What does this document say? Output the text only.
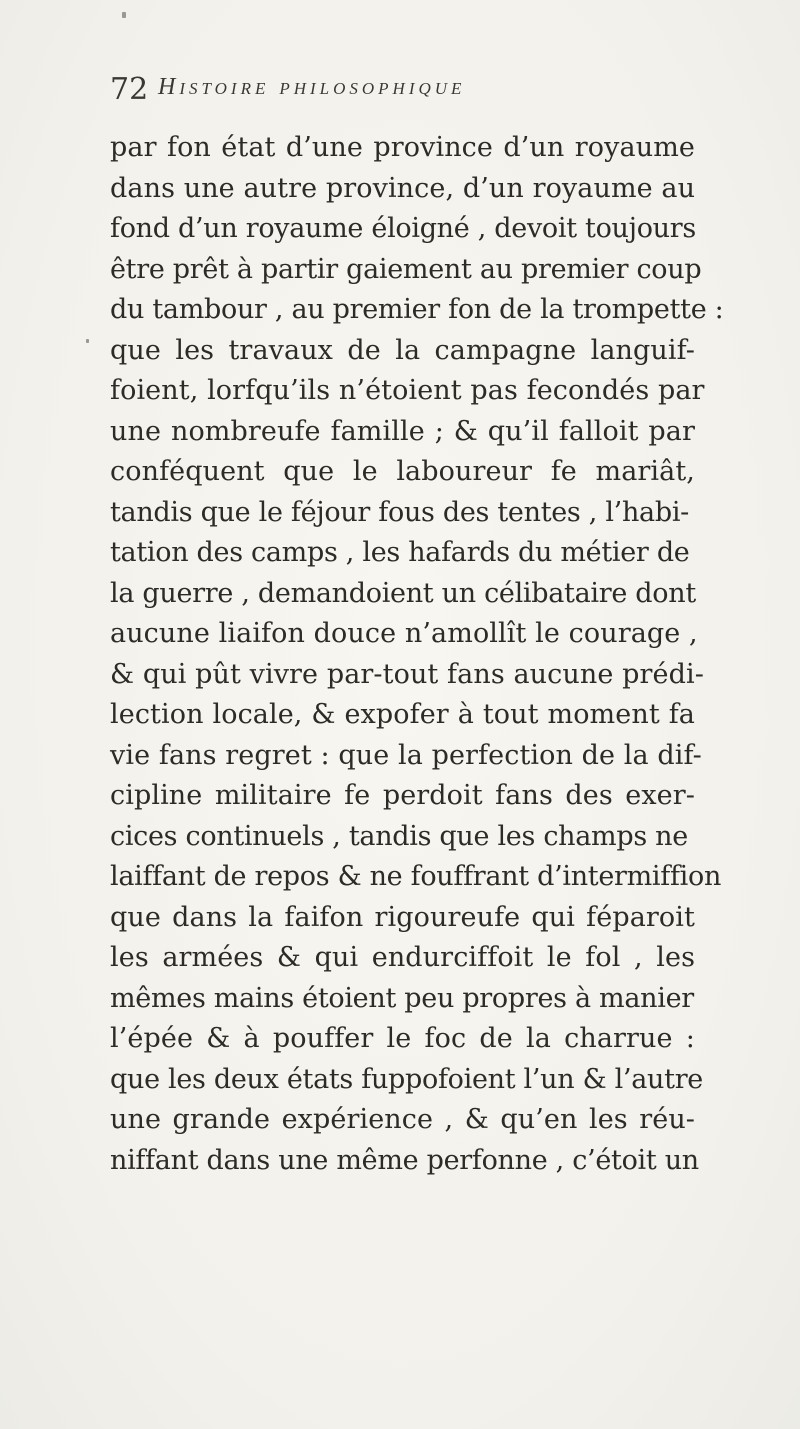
72 Histoire philosophique
par fon état d’une province d’un royaume
dans une autre province, d’un royaume au
fond d’un royaume éloigné , devoit toujours
être prêt à partir gaiement au premier coup
du tambour , au premier fon de la trompette :
que les travaux de la campagne languif-
foient, lorfqu’ils n’étoient pas fecondés par
une nombreufe famille ; & qu’il falloit par
conféquent que le laboureur fe mariât,
tandis que le féjour fous des tentes , l’habi-
tation des camps , les hafards du métier de
la guerre , demandoient un célibataire dont
aucune liaifon douce n’amollît le courage ,
& qui pût vivre par-tout fans aucune prédi-
lection locale, & expofer à tout moment fa
vie fans regret : que la perfection de la dif-
cipline militaire fe perdoit fans des exer-
cices continuels , tandis que les champs ne
laiffant de repos & ne fouffrant d’intermiffion
que dans la faifon rigoureufe qui féparoit
les armées & qui endurciffoit le fol , les
mêmes mains étoient peu propres à manier
l’épée & à pouffer le foc de la charrue :
que les deux états fuppofoient l’un & l’autre
une grande expérience , & qu’en les réu-
niffant dans une même perfonne , c’étoit un
